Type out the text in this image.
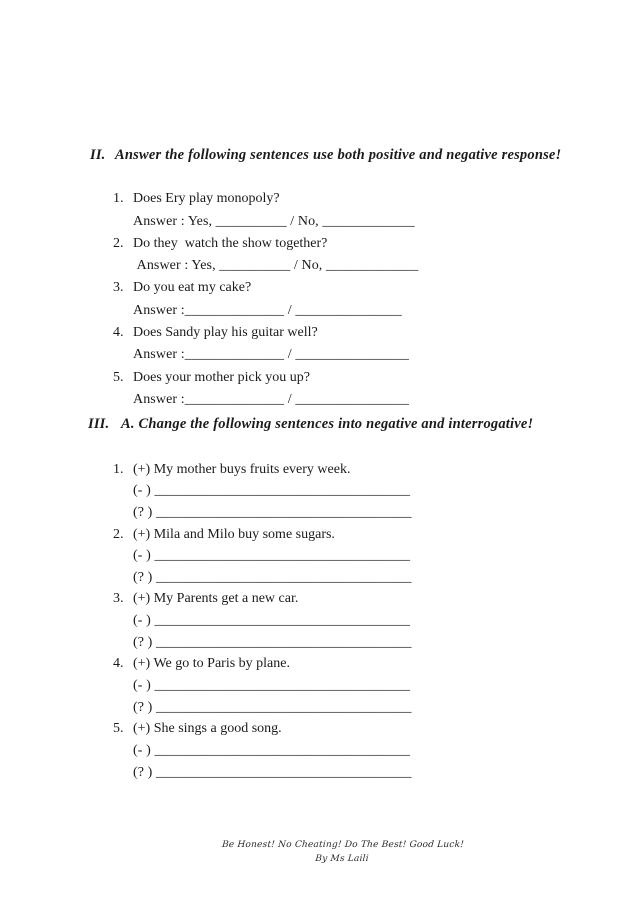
II. Answer the following sentences use both positive and negative response!
1. Does Ery play monopoly?
Answer : Yes, __________ / No, _____________
2. Do they  watch the show together?
Answer : Yes, __________ / No, _____________
3. Do you eat my cake?
Answer :______________ / _______________
4. Does Sandy play his guitar well?
Answer :______________ / ________________
5. Does your mother pick you up?
Answer :______________ / ________________
III. A. Change the following sentences into negative and interrogative!
1. (+) My mother buys fruits every week.
(- ) ____________________________________
(? ) ____________________________________
2. (+) Mila and Milo buy some sugars.
(- ) ____________________________________
(? ) ____________________________________
3. (+) My Parents get a new car.
(- ) ____________________________________
(? ) ____________________________________
4. (+) We go to Paris by plane.
(- ) ____________________________________
(? ) ____________________________________
5. (+) She sings a good song.
(- ) ____________________________________
(? ) ____________________________________
Be Honest! No Cheating! Do The Best! Good Luck!
By Ms Laili
